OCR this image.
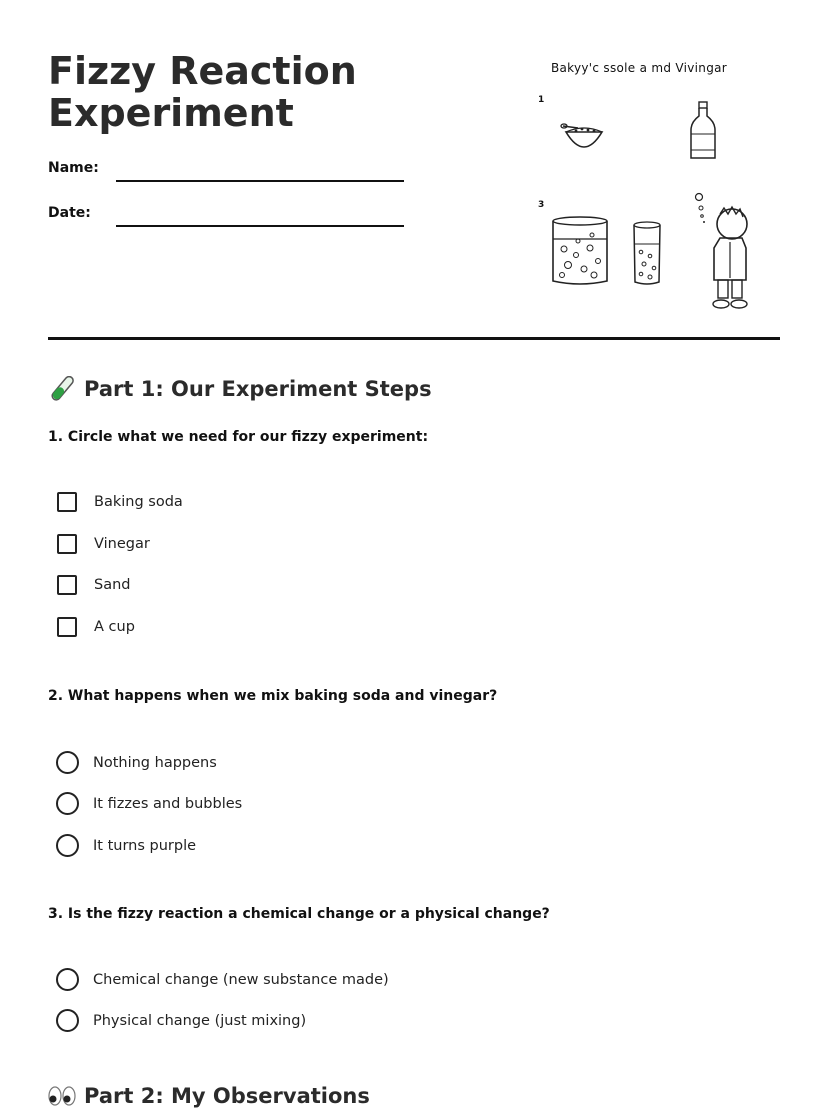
Fizzy Reaction
Experiment
Name:
Date:
Bakyy'c ssole a md Vivingar
1
3
Part 1: Our Experiment Steps

1. Circle what we need for our fizzy experiment:

Baking soda
Vinegar
Sand
A cup

2. What happens when we mix baking soda and vinegar?

Nothing happens
It fizzes and bubbles
It turns purple

3. Is the fizzy reaction a chemical change or a physical change?

Chemical change (new substance made)
Physical change (just mixing)
Part 2: My Observations
